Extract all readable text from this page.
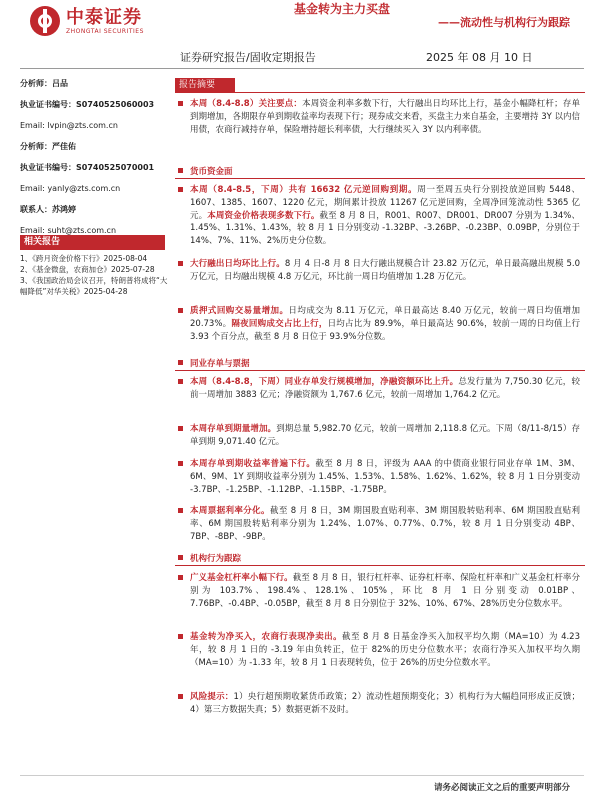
中泰证券
ZHONGTAI SECURITIES
基金转为主力买盘
——流动性与机构行为跟踪
证券研究报告/固收定期报告	2025 年 08 月 10 日
分析师：吕品
执业证书编号：S0740525060003
Email: lvpin@zts.com.cn
分析师：严佳佑
执业证书编号：S0740525070001
Email: yanly@zts.com.cn
联系人：苏鸿婷
Email: suht@zts.com.cn
相关报告
1、《跨月资金价格下行》2025-08-04
2、《基金微盘，农商加仓》2025-07-28
3、《我国政治局会议召开，特朗普将成将“大幅降低”对华关税》2025-04-28
报告摘要

本周（8.4-8.8）关注要点：本周资金利率多数下行，大行融出日均环比上行，基金小幅降杠杆；存单到期增加，各期限存单到期收益率均表现下行；现券成交来看，买盘主力来自基金，主要增持 3Y 以内信用债，农商行减持存单，保险增持超长利率债，大行继续买入 3Y 以内利率债。

货币资金面

本周（8.4-8.5，下周）共有 16632 亿元逆回购到期。周一至周五央行分别投放逆回购 5448、1607、1385、1607、1220 亿元，期间累计投放 11267 亿元逆回购，全周净回笼流动性 5365 亿元。本周资金价格表现多数下行。截至 8 月 8 日，R001、R007、DR001、DR007 分别为 1.34%、1.45%、1.31%、1.43%，较 8 月 1 日分别变动 -1.32BP、-3.26BP、-0.23BP、0.09BP，分别位于 14%、7%、11%、2%历史分位数。

大行融出日均环比上行。8 月 4 日-8 月 8 日大行融出规模合计 23.82 万亿元，单日最高融出规模 5.0 万亿元，日均融出规模 4.8 万亿元，环比前一周日均值增加 1.28 万亿元。

质押式回购交易量增加。日均成交为 8.11 万亿元，单日最高达 8.40 万亿元，较前一周日均值增加 20.73%。隔夜回购成交占比上行，日均占比为 89.9%，单日最高达 90.6%，较前一周的日均值上行 3.93 个百分点，截至 8 月 8 日位于 93.9%分位数。

同业存单与票据

本周（8.4-8.8，下周）同业存单发行规模增加，净融资额环比上升。总发行量为 7,750.30 亿元，较前一周增加 3883 亿元；净融资额为 1,767.6 亿元，较前一周增加 1,764.2 亿元。

本周存单到期量增加。到期总量 5,982.70 亿元，较前一周增加 2,118.8 亿元。下周（8/11-8/15）存单到期 9,071.40 亿元。

本周存单到期收益率普遍下行。截至 8 月 8 日，评级为 AAA 的中债商业银行同业存单 1M、3M、6M、9M、1Y 到期收益率分别为 1.45%、1.53%、1.58%、1.62%、1.62%，较 8 月 1 日分别变动 -3.7BP、-1.25BP、-1.12BP、-1.15BP、-1.75BP。

本周票据利率分化。截至 8 月 8 日，3M 期国股直贴利率、3M 期国股转贴利率、6M 期国股直贴利率、6M 期国股转贴利率分别为 1.24%、1.07%、0.77%、0.7%，较 8 月 1 日分别变动 4BP、7BP、-8BP、-9BP。

机构行为跟踪

广义基金杠杆率小幅下行。截至 8 月 8 日，银行杠杆率、证券杠杆率、保险杠杆率和广义基金杠杆率分别为 103.7%、198.4%、128.1%、105%，环比 8 月 1 日分别变动 0.01BP、7.76BP、-0.4BP、-0.05BP，截至 8 月 8 日分别位于 32%、10%、67%、28%历史分位数水平。

基金转为净买入，农商行表现净卖出。截至 8 月 8 日基金净买入加权平均久期（MA=10）为 4.23 年，较 8 月 1 日的 -3.19 年由负转正，位于 82%的历史分位数水平；农商行净买入加权平均久期（MA=10）为 -1.33 年，较 8 月 1 日表现转负，位于 26%的历史分位数水平。

风险提示：1）央行超预期收紧货币政策；2）流动性超预期变化；3）机构行为大幅趋同形成正反馈；4）第三方数据失真；5）数据更新不及时。

请务必阅读正文之后的重要声明部分
